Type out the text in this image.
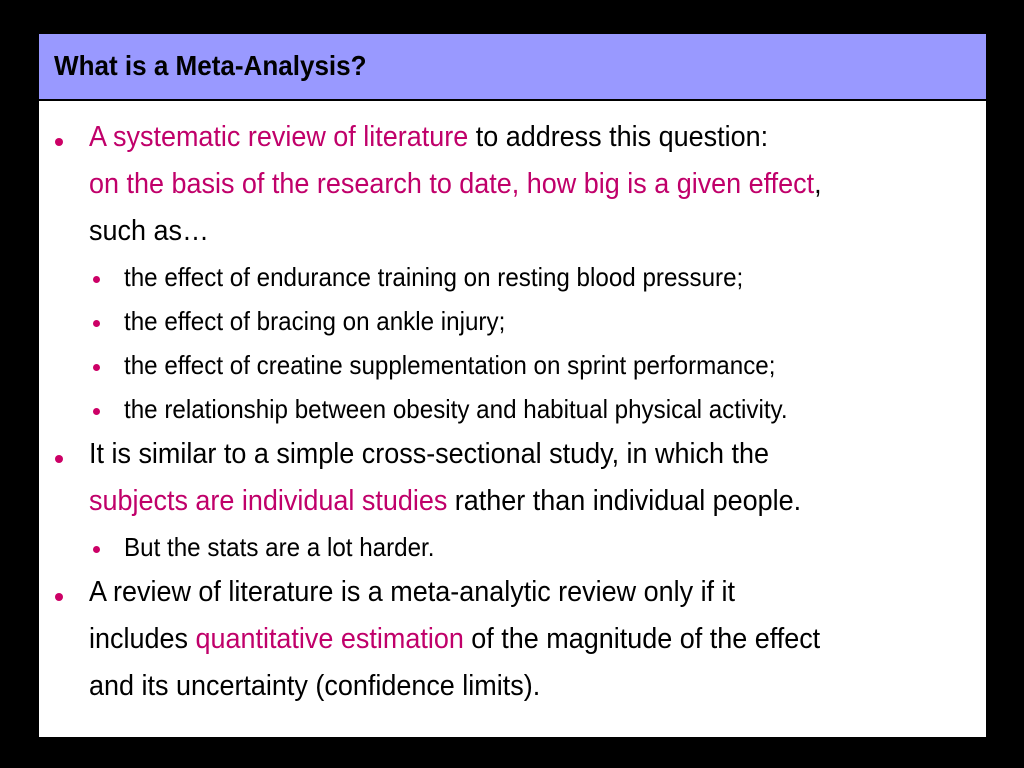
What is a Meta-Analysis?
A systematic review of literature to address this question:
on the basis of the research to date, how big is a given effect,
such as…
the effect of endurance training on resting blood pressure;
the effect of bracing on ankle injury;
the effect of creatine supplementation on sprint performance;
the relationship between obesity and habitual physical activity.
It is similar to a simple cross-sectional study, in which the
subjects are individual studies rather than individual people.
But the stats are a lot harder.
A review of literature is a meta-analytic review only if it
includes quantitative estimation of the magnitude of the effect
and its uncertainty (confidence limits).
